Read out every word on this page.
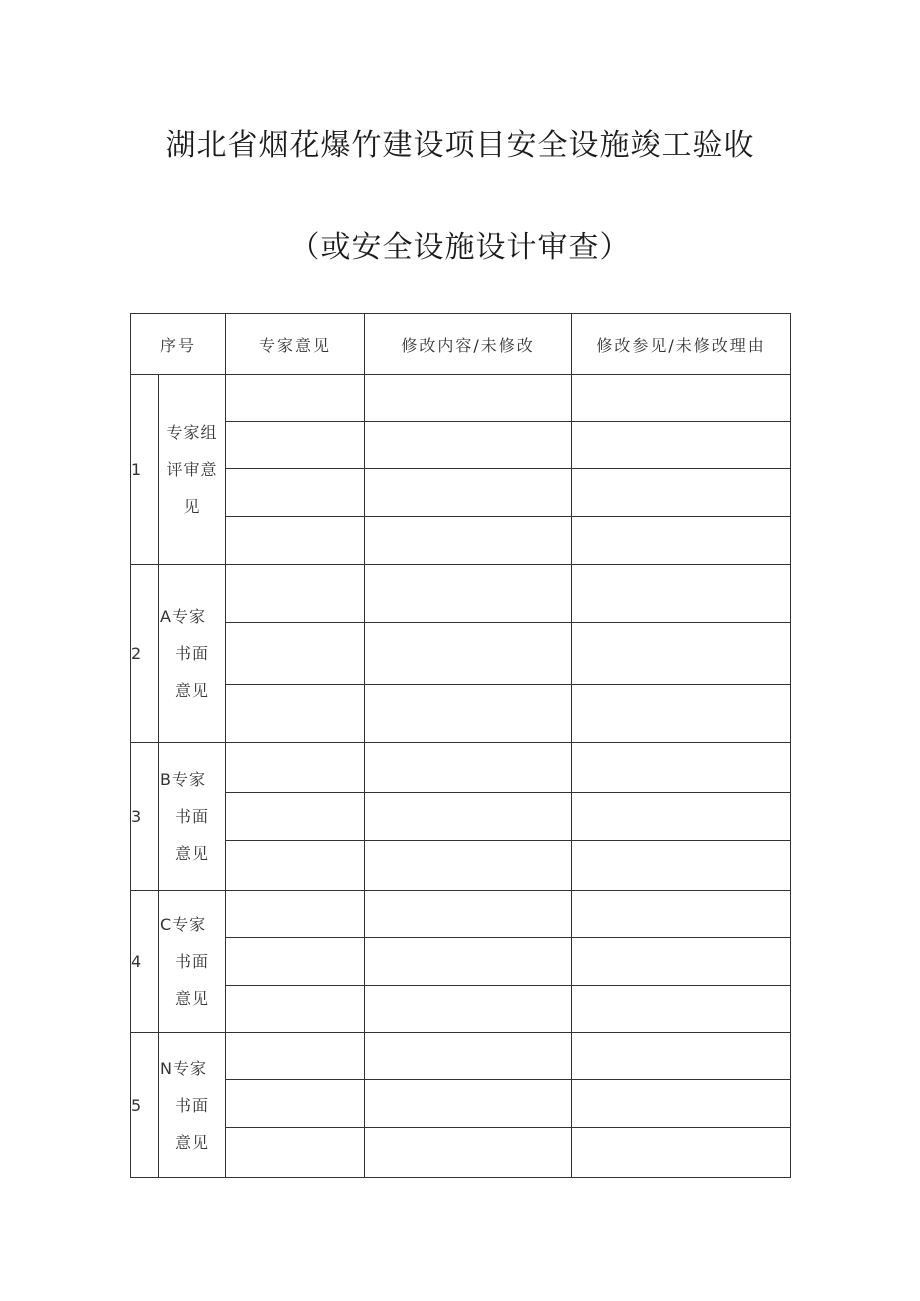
湖北省烟花爆竹建设项目安全设施竣工验收
（或安全设施设计审查）
序号		专家意见	修改内容/未修改	修改参见/未修改理由
1	专家组
评审意
见			

2	A专家
书面
意见			

3	B专家
书面
意见			

4	C专家
书面
意见			

5	N专家
书面
意见			
